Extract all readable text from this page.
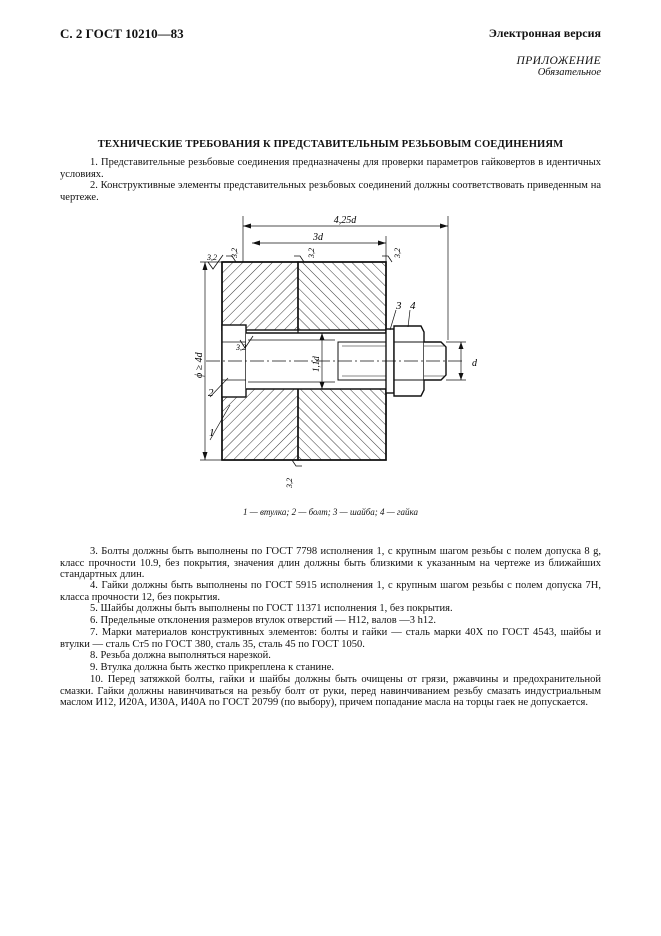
С. 2 ГОСТ 10210—83	Электронная версия
ПРИЛОЖЕНИЕ
Обязательное
ТЕХНИЧЕСКИЕ ТРЕБОВАНИЯ К ПРЕДСТАВИТЕЛЬНЫМ РЕЗЬБОВЫМ СОЕДИНЕНИЯМ

1. Представительные резьбовые соединения предназначены для проверки параметров гайковертов в идентичных условиях.

2. Конструктивные элементы представительных резьбовых соединений должны соответствовать приведенным на чертеже.

4,25d
3d
3,2 3,2	3,2	3,2
3,2
3,2
ϕ ≥ 4d	1,1d	d
1
2
3 4
1 — втулка; 2 — болт; 3 — шайба; 4 — гайка

3. Болты должны быть выполнены по ГОСТ 7798 исполнения 1, с крупным шагом резьбы с полем допуска 8 g, класс прочности 10.9, без покрытия, значения длин должны быть близкими к указанным на чертеже из ближайших стандартных длин.

4. Гайки должны быть выполнены по ГОСТ 5915 исполнения 1, с крупным шагом резьбы с полем допуска 7Н, класса прочности 12, без покрытия.

5. Шайбы должны быть выполнены по ГОСТ 11371 исполнения 1, без покрытия.

6. Предельные отклонения размеров втулок отверстий — Н12, валов —3 h12.

7. Марки материалов конструктивных элементов: болты и гайки — сталь марки 40Х по ГОСТ 4543, шайбы и втулки — сталь Ст5 по ГОСТ 380, сталь 35, сталь 45 по ГОСТ 1050.

8. Резьба должна выполняться нарезкой.

9. Втулка должна быть жестко прикреплена к станине.

10. Перед затяжкой болты, гайки и шайбы должны быть очищены от грязи, ржавчины и предохранительной смазки. Гайки должны навинчиваться на резьбу болт от руки, перед навинчиванием резьбу смазать индустриальным маслом И12, И20А, И30А, И40А по ГОСТ 20799 (по выбору), причем попадание масла на торцы гаек не допускается.
